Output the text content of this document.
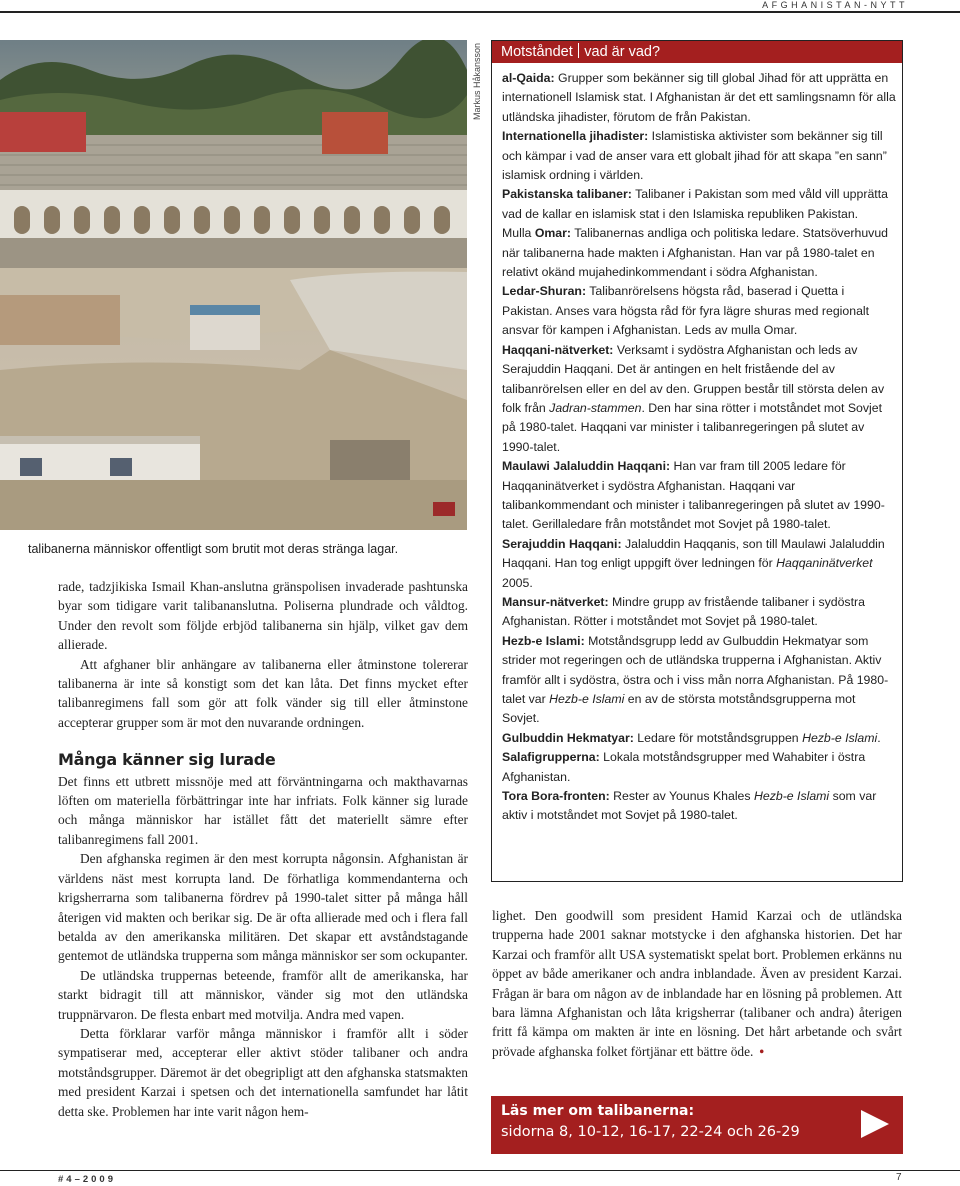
AFGHANISTAN-NYTT
Markus Håkansson
talibanerna människor offentligt som brutit mot deras stränga lagar.

rade, tadzjikiska Ismail Khan-anslutna gränspolisen invaderade pashtunska byar som tidigare varit talibananslutna. Poliserna plundrade och våldtog. Under den revolt som följde erbjöd talibanerna sin hjälp, vilket gav dem allierade.

Att afghaner blir anhängare av talibanerna eller åtminstone tolererar talibanerna är inte så konstigt som det kan låta. Det finns mycket efter talibanregimens fall som gör att folk vänder sig till eller åtminstone accepterar grupper som är mot den nuvarande ordningen.

Många känner sig lurade

Det finns ett utbrett missnöje med att förväntningarna och makthavarnas löften om materiella förbättringar inte har infriats. Folk känner sig lurade och många människor har istället fått det materiellt sämre efter talibanregimens fall 2001.

Den afghanska regimen är den mest korrupta någonsin. Afghanistan är världens näst mest korrupta land. De förhatliga kommendanterna och krigsherrarna som talibanerna fördrev på 1990-talet sitter på många håll återigen vid makten och berikar sig. De är ofta allierade med och i flera fall betalda av den amerikanska militären. Det skapar ett avståndstagande gentemot de utländska trupperna som många människor ser som ockupanter.

De utländska truppernas beteende, framför allt de amerikanska, har starkt bidragit till att människor, vänder sig mot den utländska truppnärvaron. De flesta enbart med motvilja. Andra med vapen.

Detta förklarar varför många människor i framför allt i söder sympatiserar med, accepterar eller aktivt stöder talibaner och andra motståndsgrupper. Däremot är det obegripligt att den afghanska statsmakten med president Karzai i spetsen och det internationella samfundet har låtit detta ske. Problemen har inte varit någon hem-

Motståndet vad är vad?

al-Qaida: Grupper som bekänner sig till global Jihad för att upprätta en internationell Islamisk stat. I Afghanistan är det ett samlingsnamn för alla utländska jihadister, förutom de från Pakistan.

Internationella jihadister: Islamistiska aktivister som bekänner sig till och kämpar i vad de anser vara ett globalt jihad för att skapa ”en sann” islamisk ordning i världen.

Pakistanska talibaner: Talibaner i Pakistan som med våld vill upprätta vad de kallar en islamisk stat i den Islamiska republiken Pakistan.

Mulla Omar: Talibanernas andliga och politiska ledare. Statsöverhuvud när talibanerna hade makten i Afghanistan. Han var på 1980-talet en relativt okänd mujahedinkommendant i södra Afghanistan.

Ledar-Shuran: Talibanrörelsens högsta råd, baserad i Quetta i Pakistan. Anses vara högsta råd för fyra lägre shuras med regionalt ansvar för kampen i Afghanistan. Leds av mulla Omar.

Haqqani-nätverket: Verksamt i sydöstra Afghanistan och leds av Serajuddin Haqqani. Det är antingen en helt fristående del av talibanrörelsen eller en del av den. Gruppen består till största delen av folk från Jadran-stammen. Den har sina rötter i motståndet mot Sovjet på 1980-talet. Haqqani var minister i talibanregeringen på slutet av 1990-talet.

Maulawi Jalaluddin Haqqani: Han var fram till 2005 ledare för Haqqaninätverket i sydöstra Afghanistan. Haqqani var talibankommendant och minister i talibanregeringen på slutet av 1990-talet. Gerillaledare från motståndet mot Sovjet på 1980-talet.

Serajuddin Haqqani: Jalaluddin Haqqanis, son till Maulawi Jalaluddin Haqqani. Han tog enligt uppgift över ledningen för Haqqaninätverket 2005.

Mansur-nätverket: Mindre grupp av fristående talibaner i sydöstra Afghanistan. Rötter i motståndet mot Sovjet på 1980-talet.

Hezb-e Islami: Motståndsgrupp ledd av Gulbuddin Hekmatyar som strider mot regeringen och de utländska trupperna i Afghanistan. Aktiv framför allt i sydöstra, östra och i viss mån norra Afghanistan. På 1980-talet var Hezb-e Islami en av de största motståndsgrupperna mot Sovjet.

Gulbuddin Hekmatyar: Ledare för motståndsgruppen Hezb-e Islami.

Salafigrupperna: Lokala motståndsgrupper med Wahabiter i östra Afghanistan.

Tora Bora-fronten: Rester av Younus Khales Hezb-e Islami som var aktiv i motståndet mot Sovjet på 1980-talet.

lighet. Den goodwill som president Hamid Karzai och de utländska trupperna hade 2001 saknar motstycke i den afghanska historien. Det har Karzai och framför allt USA systematiskt spelat bort. Problemen erkänns nu öppet av både amerikaner och andra inblandade. Även av president Karzai. Frågan är bara om någon av de inblandade har en lösning på problemen. Att bara lämna Afghanistan och låta krigsherrar (talibaner och andra) återigen fritt få kämpa om makten är inte en lösning. Det hårt arbetande och svårt prövade afghanska folket förtjänar ett bättre öde. •

Läs mer om talibanerna:
sidorna 8, 10-12, 16-17, 22-24 och 26-29
#4–2009	7
